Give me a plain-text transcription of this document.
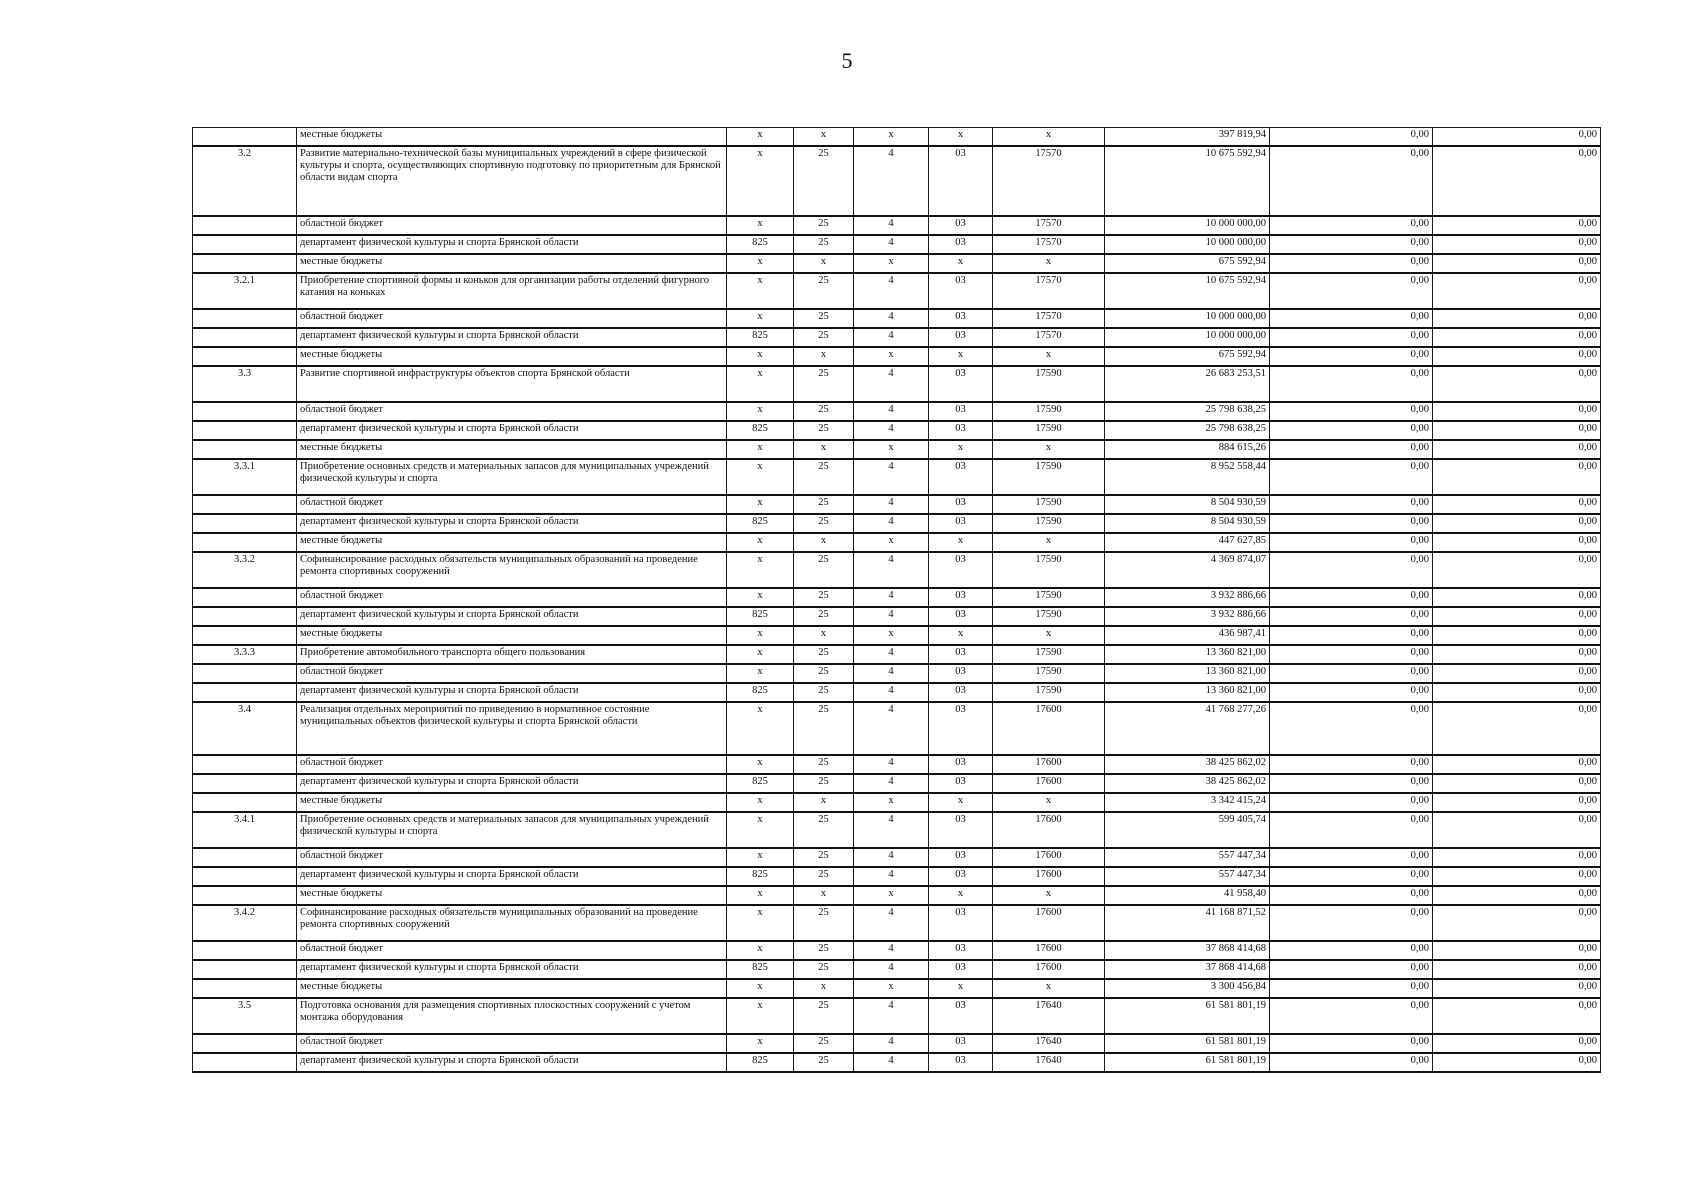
5
	местные бюджеты	х	х	х	х	х	397 819,94	0,00	0,00
3.2	Развитие материально-технической базы муниципальных учреждений в сфере физической культуры и спорта, осуществляющих спортивную подготовку по приоритетным для Брянской области видам спорта	х	25	4	03	17570	10 675 592,94	0,00	0,00
	областной бюджет	х	25	4	03	17570	10 000 000,00	0,00	0,00
	департамент физической культуры и спорта Брянской области	825	25	4	03	17570	10 000 000,00	0,00	0,00
	местные бюджеты	х	х	х	х	х	675 592,94	0,00	0,00
3.2.1	Приобретение спортивной формы и коньков для организации работы отделений фигурного катания на коньках	х	25	4	03	17570	10 675 592,94	0,00	0,00
	областной бюджет	х	25	4	03	17570	10 000 000,00	0,00	0,00
	департамент физической культуры и спорта Брянской области	825	25	4	03	17570	10 000 000,00	0,00	0,00
	местные бюджеты	х	х	х	х	х	675 592,94	0,00	0,00
3.3	Развитие спортивной инфраструктуры объектов спорта Брянской области	х	25	4	03	17590	26 683 253,51	0,00	0,00
	областной бюджет	х	25	4	03	17590	25 798 638,25	0,00	0,00
	департамент физической культуры и спорта Брянской области	825	25	4	03	17590	25 798 638,25	0,00	0,00
	местные бюджеты	х	х	х	х	х	884 615,26	0,00	0,00
3.3.1	Приобретение основных средств и материальных запасов для муниципальных учреждений физической культуры и спорта	х	25	4	03	17590	8 952 558,44	0,00	0,00
	областной бюджет	х	25	4	03	17590	8 504 930,59	0,00	0,00
	департамент физической культуры и спорта Брянской области	825	25	4	03	17590	8 504 930,59	0,00	0,00
	местные бюджеты	х	х	х	х	х	447 627,85	0,00	0,00
3.3.2	Софинансирование расходных обязательств муниципальных образований на проведение ремонта спортивных сооружений	х	25	4	03	17590	4 369 874,07	0,00	0,00
	областной бюджет	х	25	4	03	17590	3 932 886,66	0,00	0,00
	департамент физической культуры и спорта Брянской области	825	25	4	03	17590	3 932 886,66	0,00	0,00
	местные бюджеты	х	х	х	х	х	436 987,41	0,00	0,00
3.3.3	Приобретение автомобильного транспорта общего пользования	х	25	4	03	17590	13 360 821,00	0,00	0,00
	областной бюджет	х	25	4	03	17590	13 360 821,00	0,00	0,00
	департамент физической культуры и спорта Брянской области	825	25	4	03	17590	13 360 821,00	0,00	0,00
3.4	Реализация отдельных мероприятий по приведению в нормативное состояние муниципальных объектов физической культуры и спорта Брянской области	х	25	4	03	17600	41 768 277,26	0,00	0,00
	областной бюджет	х	25	4	03	17600	38 425 862,02	0,00	0,00
	департамент физической культуры и спорта Брянской области	825	25	4	03	17600	38 425 862,02	0,00	0,00
	местные бюджеты	х	х	х	х	х	3 342 415,24	0,00	0,00
3.4.1	Приобретение основных средств и материальных запасов для муниципальных учреждений физической культуры и спорта	х	25	4	03	17600	599 405,74	0,00	0,00
	областной бюджет	х	25	4	03	17600	557 447,34	0,00	0,00
	департамент физической культуры и спорта Брянской области	825	25	4	03	17600	557 447,34	0,00	0,00
	местные бюджеты	х	х	х	х	х	41 958,40	0,00	0,00
3.4.2	Софинансирование расходных обязательств муниципальных образований на проведение ремонта спортивных сооружений	х	25	4	03	17600	41 168 871,52	0,00	0,00
	областной бюджет	х	25	4	03	17600	37 868 414,68	0,00	0,00
	департамент физической культуры и спорта Брянской области	825	25	4	03	17600	37 868 414,68	0,00	0,00
	местные бюджеты	х	х	х	х	х	3 300 456,84	0,00	0,00
3.5	Подготовка основания для размещения спортивных плоскостных сооружений с учетом монтажа оборудования	х	25	4	03	17640	61 581 801,19	0,00	0,00
	областной бюджет	х	25	4	03	17640	61 581 801,19	0,00	0,00
	департамент физической культуры и спорта Брянской области	825	25	4	03	17640	61 581 801,19	0,00	0,00
